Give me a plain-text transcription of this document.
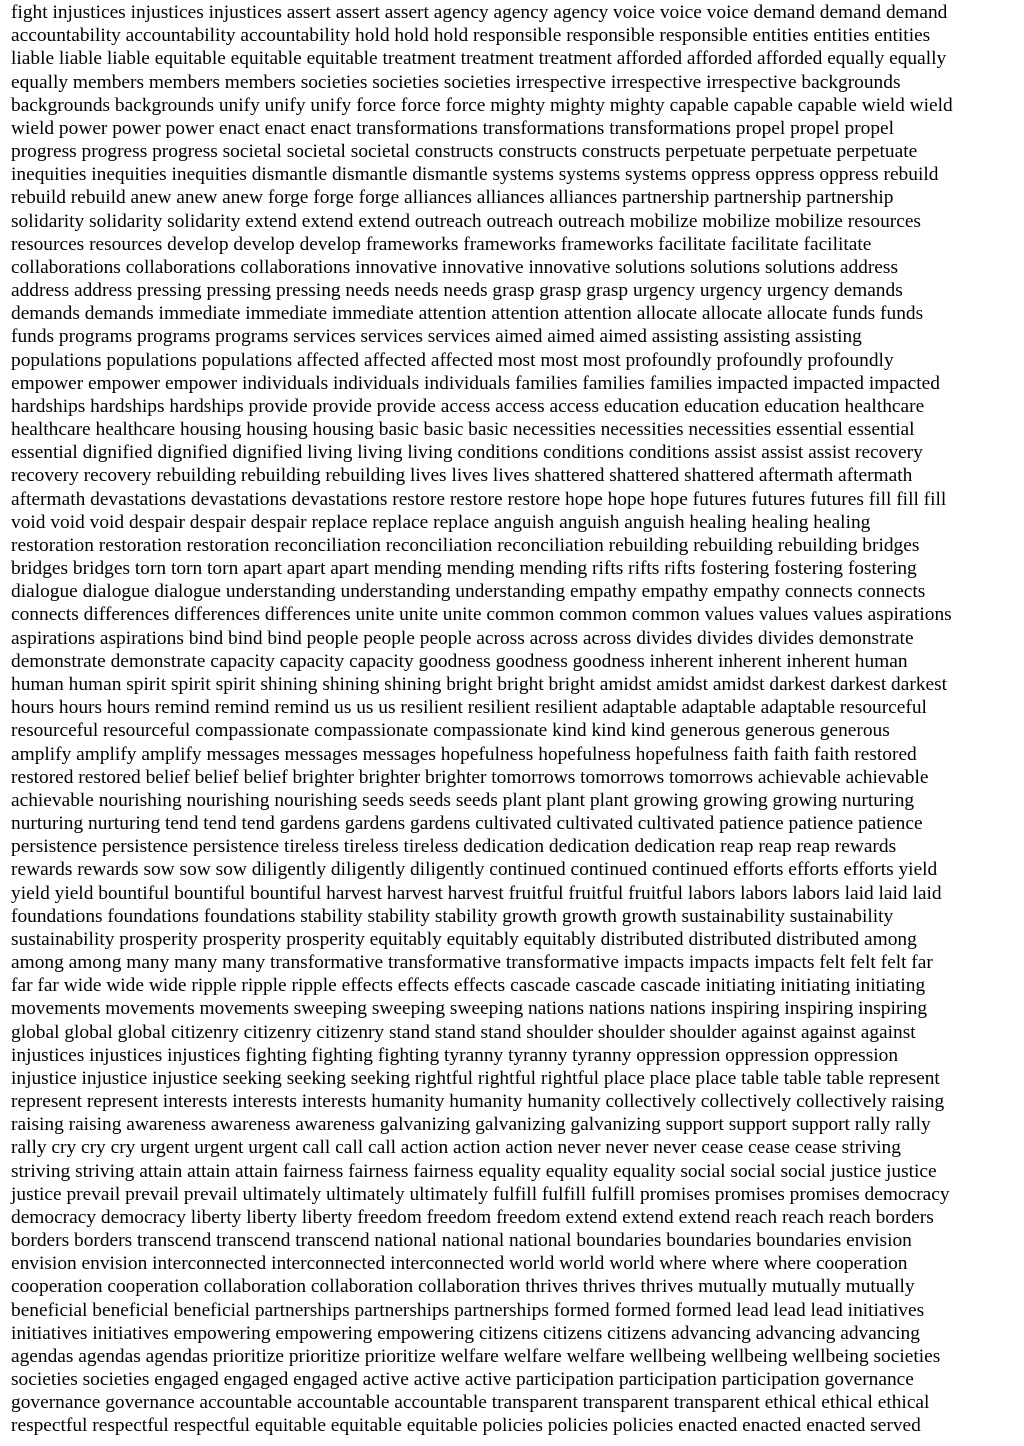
fight injustices injustices injustices assert assert assert agency agency agency voice voice voice demand demand demand
accountability accountability accountability hold hold hold responsible responsible responsible entities entities entities
liable liable liable equitable equitable equitable treatment treatment treatment afforded afforded afforded equally equally
equally members members members societies societies societies irrespective irrespective irrespective backgrounds
backgrounds backgrounds unify unify unify force force force mighty mighty mighty capable capable capable wield wield
wield power power power enact enact enact transformations transformations transformations propel propel propel
progress progress progress societal societal societal constructs constructs constructs perpetuate perpetuate perpetuate
inequities inequities inequities dismantle dismantle dismantle systems systems systems oppress oppress oppress rebuild
rebuild rebuild anew anew anew forge forge forge alliances alliances alliances partnership partnership partnership
solidarity solidarity solidarity extend extend extend outreach outreach outreach mobilize mobilize mobilize resources
resources resources develop develop develop frameworks frameworks frameworks facilitate facilitate facilitate
collaborations collaborations collaborations innovative innovative innovative solutions solutions solutions address
address address pressing pressing pressing needs needs needs grasp grasp grasp urgency urgency urgency demands
demands demands immediate immediate immediate attention attention attention allocate allocate allocate funds funds
funds programs programs programs services services services aimed aimed aimed assisting assisting assisting
populations populations populations affected affected affected most most most profoundly profoundly profoundly
empower empower empower individuals individuals individuals families families families impacted impacted impacted
hardships hardships hardships provide provide provide access access access education education education healthcare
healthcare healthcare housing housing housing basic basic basic necessities necessities necessities essential essential
essential dignified dignified dignified living living living conditions conditions conditions assist assist assist recovery
recovery recovery rebuilding rebuilding rebuilding lives lives lives shattered shattered shattered aftermath aftermath
aftermath devastations devastations devastations restore restore restore hope hope hope futures futures futures fill fill fill
void void void despair despair despair replace replace replace anguish anguish anguish healing healing healing
restoration restoration restoration reconciliation reconciliation reconciliation rebuilding rebuilding rebuilding bridges
bridges bridges torn torn torn apart apart apart mending mending mending rifts rifts rifts fostering fostering fostering
dialogue dialogue dialogue understanding understanding understanding empathy empathy empathy connects connects
connects differences differences differences unite unite unite common common common values values values aspirations
aspirations aspirations bind bind bind people people people across across across divides divides divides demonstrate
demonstrate demonstrate capacity capacity capacity goodness goodness goodness inherent inherent inherent human
human human spirit spirit spirit shining shining shining bright bright bright amidst amidst amidst darkest darkest darkest
hours hours hours remind remind remind us us us resilient resilient resilient adaptable adaptable adaptable resourceful
resourceful resourceful compassionate compassionate compassionate kind kind kind generous generous generous
amplify amplify amplify messages messages messages hopefulness hopefulness hopefulness faith faith faith restored
restored restored belief belief belief brighter brighter brighter tomorrows tomorrows tomorrows achievable achievable
achievable nourishing nourishing nourishing seeds seeds seeds plant plant plant growing growing growing nurturing
nurturing nurturing tend tend tend gardens gardens gardens cultivated cultivated cultivated patience patience patience
persistence persistence persistence tireless tireless tireless dedication dedication dedication reap reap reap rewards
rewards rewards sow sow sow diligently diligently diligently continued continued continued efforts efforts efforts yield
yield yield bountiful bountiful bountiful harvest harvest harvest fruitful fruitful fruitful labors labors labors laid laid laid
foundations foundations foundations stability stability stability growth growth growth sustainability sustainability
sustainability prosperity prosperity prosperity equitably equitably equitably distributed distributed distributed among
among among many many many transformative transformative transformative impacts impacts impacts felt felt felt far
far far wide wide wide ripple ripple ripple effects effects effects cascade cascade cascade initiating initiating initiating
movements movements movements sweeping sweeping sweeping nations nations nations inspiring inspiring inspiring
global global global citizenry citizenry citizenry stand stand stand shoulder shoulder shoulder against against against
injustices injustices injustices fighting fighting fighting tyranny tyranny tyranny oppression oppression oppression
injustice injustice injustice seeking seeking seeking rightful rightful rightful place place place table table table represent
represent represent interests interests interests humanity humanity humanity collectively collectively collectively raising
raising raising awareness awareness awareness galvanizing galvanizing galvanizing support support support rally rally
rally cry cry cry urgent urgent urgent call call call action action action never never never cease cease cease striving
striving striving attain attain attain fairness fairness fairness equality equality equality social social social justice justice
justice prevail prevail prevail ultimately ultimately ultimately fulfill fulfill fulfill promises promises promises democracy
democracy democracy liberty liberty liberty freedom freedom freedom extend extend extend reach reach reach borders
borders borders transcend transcend transcend national national national boundaries boundaries boundaries envision
envision envision interconnected interconnected interconnected world world world where where where cooperation
cooperation cooperation collaboration collaboration collaboration thrives thrives thrives mutually mutually mutually
beneficial beneficial beneficial partnerships partnerships partnerships formed formed formed lead lead lead initiatives
initiatives initiatives empowering empowering empowering citizens citizens citizens advancing advancing advancing
agendas agendas agendas prioritize prioritize prioritize welfare welfare welfare wellbeing wellbeing wellbeing societies
societies societies engaged engaged engaged active active active participation participation participation governance
governance governance accountable accountable accountable transparent transparent transparent ethical ethical ethical
respectful respectful respectful equitable equitable equitable policies policies policies enacted enacted enacted served
